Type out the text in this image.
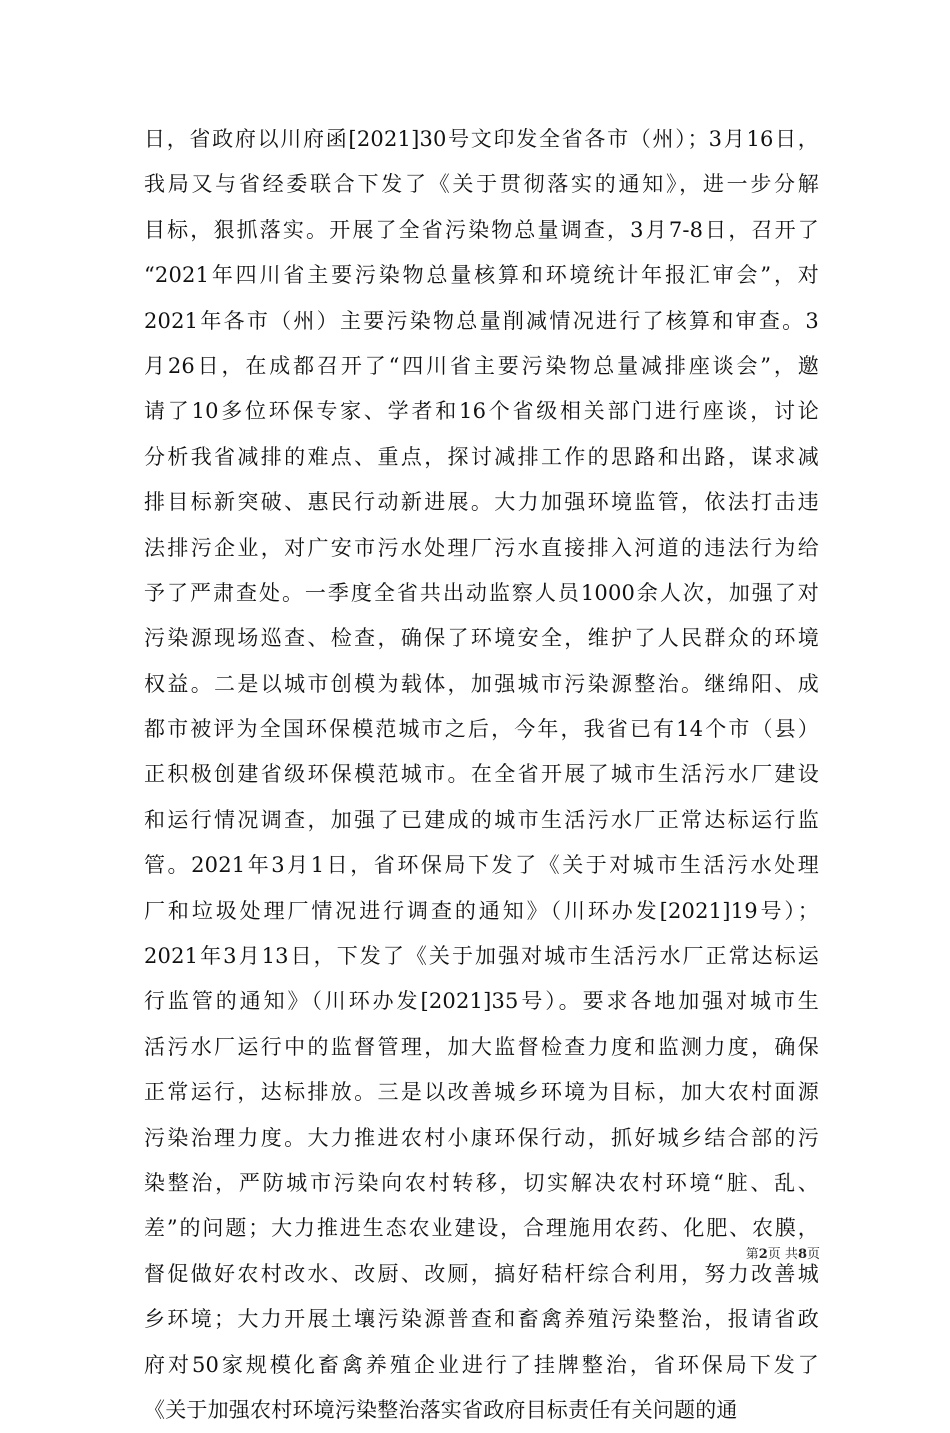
日，省政府以川府函[2021]30号文印发全省各市（州）；3月16日，
我局又与省经委联合下发了《关于贯彻落实的通知》，进一步分解
目标，狠抓落实。开展了全省污染物总量调查，3月7-8日，召开了
“2021年四川省主要污染物总量核算和环境统计年报汇审会”，对
2021年各市（州）主要污染物总量削减情况进行了核算和审查。3
月26日，在成都召开了“四川省主要污染物总量减排座谈会”，邀
请了10多位环保专家、学者和16个省级相关部门进行座谈，讨论
分析我省减排的难点、重点，探讨减排工作的思路和出路，谋求减
排目标新突破、惠民行动新进展。大力加强环境监管，依法打击违
法排污企业，对广安市污水处理厂污水直接排入河道的违法行为给
予了严肃查处。一季度全省共出动监察人员1000余人次，加强了对
污染源现场巡查、检查，确保了环境安全，维护了人民群众的环境
权益。二是以城市创模为载体，加强城市污染源整治。继绵阳、成
都市被评为全国环保模范城市之后，今年，我省已有14个市（县）
正积极创建省级环保模范城市。在全省开展了城市生活污水厂建设
和运行情况调查，加强了已建成的城市生活污水厂正常达标运行监
管。2021年3月1日，省环保局下发了《关于对城市生活污水处理
厂和垃圾处理厂情况进行调查的通知》（川环办发[2021]19号）；
2021年3月13日，下发了《关于加强对城市生活污水厂正常达标运
行监管的通知》（川环办发[2021]35号）。要求各地加强对城市生
活污水厂运行中的监督管理，加大监督检查力度和监测力度，确保
正常运行，达标排放。三是以改善城乡环境为目标，加大农村面源
污染治理力度。大力推进农村小康环保行动，抓好城乡结合部的污
染整治，严防城市污染向农村转移，切实解决农村环境“脏、乱、
差”的问题；大力推进生态农业建设，合理施用农药、化肥、农膜，
督促做好农村改水、改厨、改厕，搞好秸杆综合利用，努力改善城
乡环境；大力开展土壤污染源普查和畜禽养殖污染整治，报请省政
府对50家规模化畜禽养殖企业进行了挂牌整治，省环保局下发了
《关于加强农村环境污染整治落实省政府目标责任有关问题的通
第2页 共8页
